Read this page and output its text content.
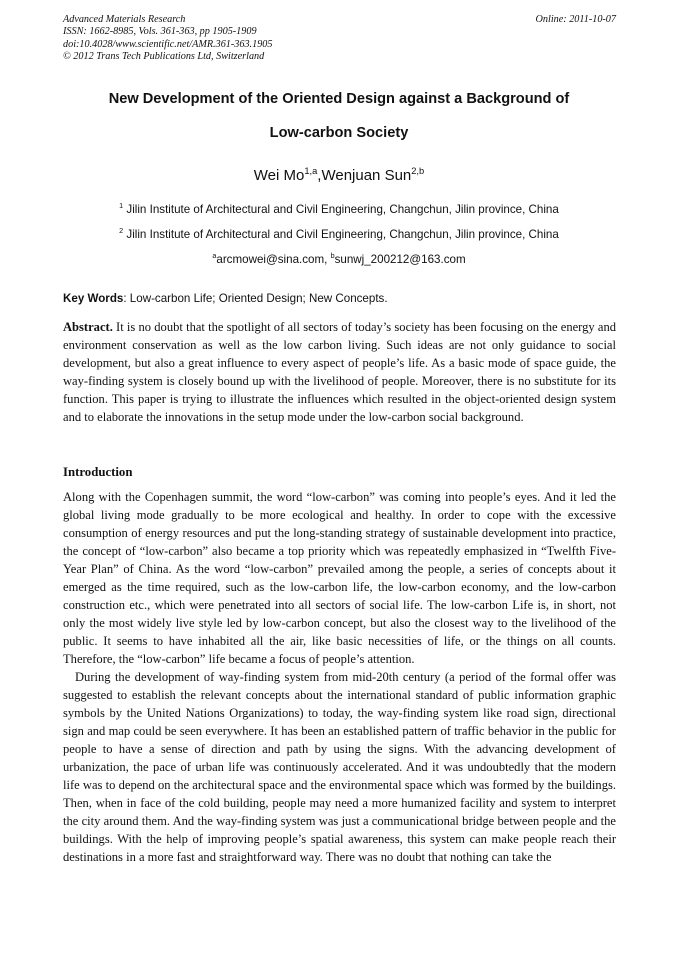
Advanced Materials Research
ISSN: 1662-8985, Vols. 361-363, pp 1905-1909
doi:10.4028/www.scientific.net/AMR.361-363.1905
© 2012 Trans Tech Publications Ltd, Switzerland
Online: 2011-10-07
New Development of the Oriented Design against a Background of
Low-carbon Society
Wei Mo$^{1,a}$,Wenjuan Sun$^{2,b}$
$^1$ Jilin Institute of Architectural and Civil Engineering, Changchun, Jilin province, China
$^2$ Jilin Institute of Architectural and Civil Engineering, Changchun, Jilin province, China
$^a$arcmowei@sina.com, $^b$sunwj_200212@163.com
Key Words: Low-carbon Life; Oriented Design; New Concepts.
Abstract. It is no doubt that the spotlight of all sectors of today’s society has been focusing on the energy and environment conservation as well as the low carbon living. Such ideas are not only guidance to social development, but also a great influence to every aspect of people’s life. As a basic mode of space guide, the way-finding system is closely bound up with the livelihood of people. Moreover, there is no substitute for its function. This paper is trying to illustrate the influences which resulted in the object-oriented design system and to elaborate the innovations in the setup mode under the low-carbon social background.
Introduction

Along with the Copenhagen summit, the word “low-carbon” was coming into people’s eyes. And it led the global living mode gradually to be more ecological and healthy. In order to cope with the excessive consumption of energy resources and put the long-standing strategy of sustainable development into practice, the concept of “low-carbon” also became a top priority which was repeatedly emphasized in “Twelfth Five-Year Plan” of China. As the word “low-carbon” prevailed among the people, a series of concepts about it emerged as the time required, such as the low-carbon life, the low-carbon economy, and the low-carbon construction etc., which were penetrated into all sectors of social life. The low-carbon Life is, in short, not only the most widely live style led by low-carbon concept, but also the closest way to the livelihood of the public. It seems to have inhabited all the air, like basic necessities of life, or the things on all counts. Therefore, the “low-carbon” life became a focus of people’s attention.

During the development of way-finding system from mid-20th century (a period of the formal offer was suggested to establish the relevant concepts about the international standard of public information graphic symbols by the United Nations Organizations) to today, the way-finding system like road sign, directional sign and map could be seen everywhere. It has been an established pattern of traffic behavior in the public for people to have a sense of direction and path by using the signs. With the advancing development of urbanization, the pace of urban life was continuously accelerated. And it was undoubtedly that the modern life was to depend on the architectural space and the environmental space which was formed by the buildings. Then, when in face of the cold building, people may need a more humanized facility and system to interpret the city around them. And the way-finding system was just a communicational bridge between people and the buildings. With the help of improving people’s spatial awareness, this system can make people reach their destinations in a more fast and straightforward way. There was no doubt that nothing can take the
